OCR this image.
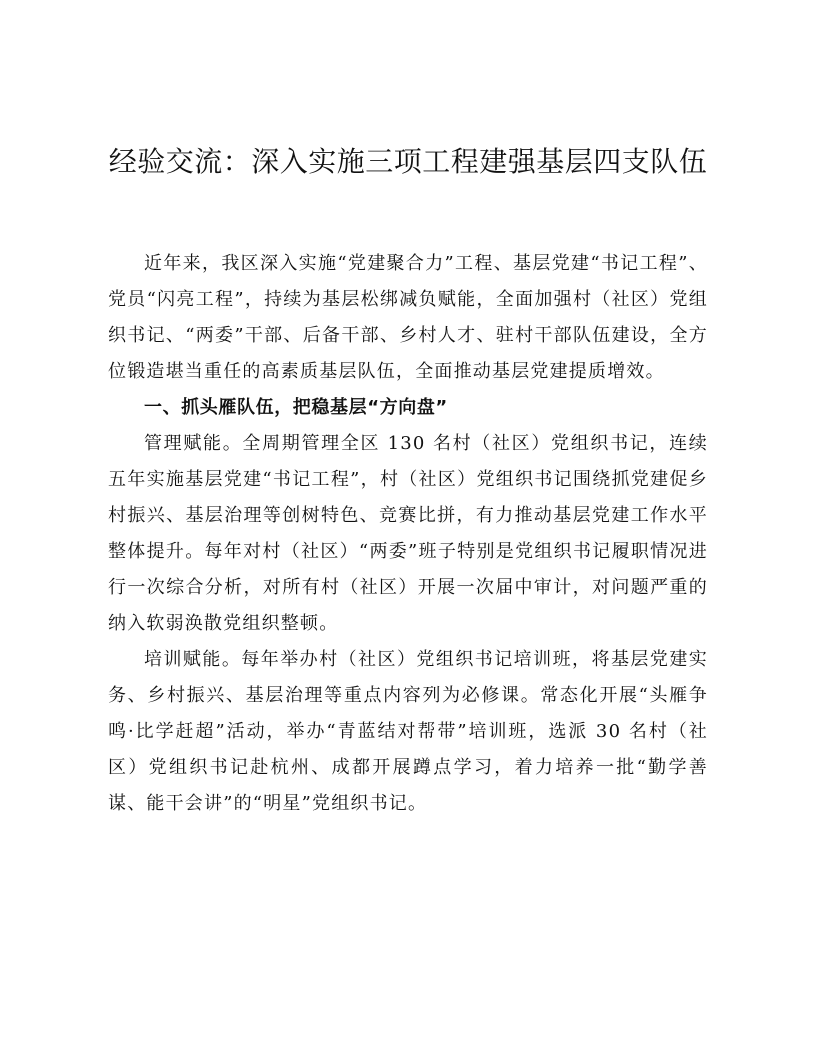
经验交流：深入实施三项工程建强基层四支队伍

近年来，我区深入实施“党建聚合力”工程、基层党建“书记工程”、党员“闪亮工程”，持续为基层松绑减负赋能，全面加强村（社区）党组织书记、“两委”干部、后备干部、乡村人才、驻村干部队伍建设，全方位锻造堪当重任的高素质基层队伍，全面推动基层党建提质增效。

一、抓头雁队伍，把稳基层“方向盘”

管理赋能。全周期管理全区 130 名村（社区）党组织书记，连续五年实施基层党建“书记工程”，村（社区）党组织书记围绕抓党建促乡村振兴、基层治理等创树特色、竞赛比拼，有力推动基层党建工作水平整体提升。每年对村（社区）“两委”班子特别是党组织书记履职情况进行一次综合分析，对所有村（社区）开展一次届中审计，对问题严重的纳入软弱涣散党组织整顿。

培训赋能。每年举办村（社区）党组织书记培训班，将基层党建实务、乡村振兴、基层治理等重点内容列为必修课。常态化开展“头雁争鸣·比学赶超”活动，举办“青蓝结对帮带”培训班，选派 30 名村（社区）党组织书记赴杭州、成都开展蹲点学习，着力培养一批“勤学善谋、能干会讲”的“明星”党组织书记。
